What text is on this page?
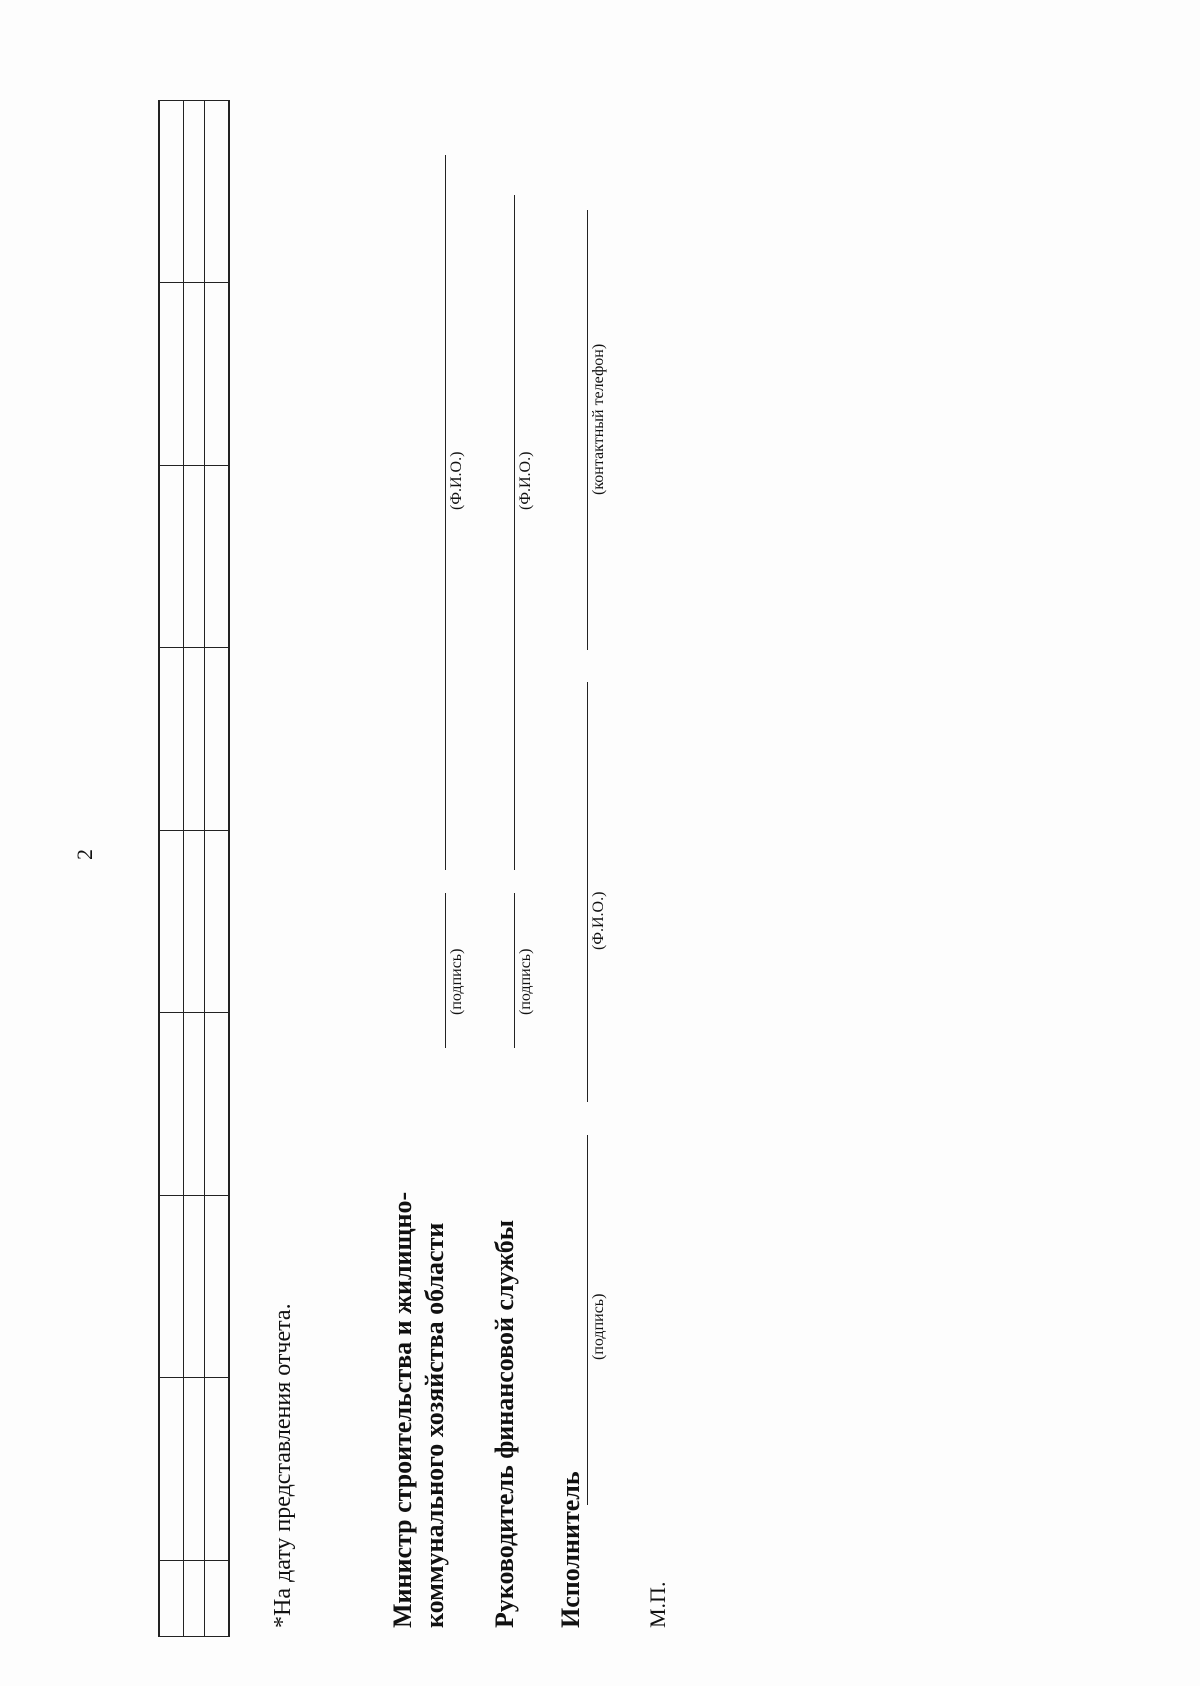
2
*На дату представления отчета.	Министр строительства и жилищно- коммунального хозяйства области
(подпись)
(Ф.И.О.)
Руководитель финансовой службы
(подпись)
(Ф.И.О.)
Исполнитель
(подпись)
(Ф.И.О.)
(контактный телефон)
М.П.
